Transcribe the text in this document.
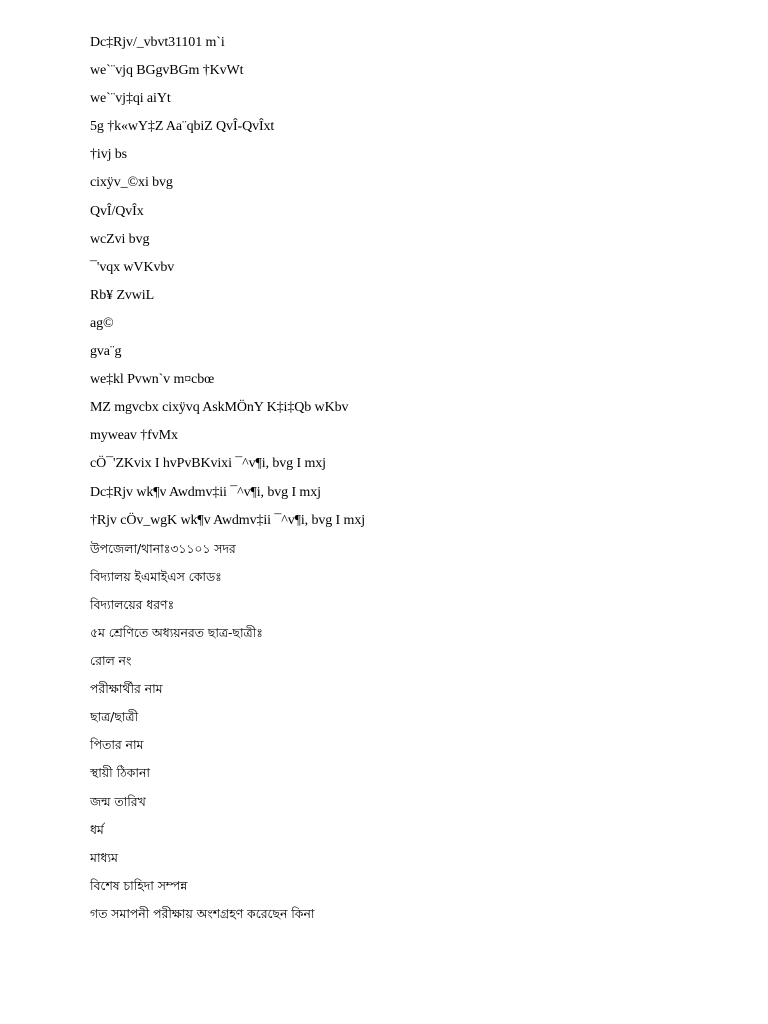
Dc‡Rjv/_vbvt31101 m`i
we`¨vjq BGgvBGm †KvWt
we`¨vj‡qi aiYt
5g †k«wY‡Z Aa¨qbiZ QvÎ-QvÎxt
†ivj bs
cixÿv_©xi bvg
QvÎ/QvÎx
wcZvi bvg
¯'vqx wVKvbv
Rb¥ ZvwiL
ag©
gva¨g
we‡kl Pvwn`v m¤cbœ
MZ mgvcbx cixÿvq AskMÖnY K‡i‡Qb wKbv
myweav †fvMx
cÖ¯'ZKvix I hvPvBKvixi ¯^v¶i, bvg I mxj
Dc‡Rjv wk¶v Awdmv‡ii ¯^v¶i, bvg I mxj
†Rjv cÖv_wgK wk¶v Awdmv‡ii ¯^v¶i, bvg I mxj
উপজেলা/থানাঃ৩১১০১ সদর
বিদ্যালয় ইএমাইএস কোডঃ
বিদ্যালয়ের ধরণঃ
৫ম শ্রেণিতে অধ্যয়নরত ছাত্র-ছাত্রীঃ
রোল নং
পরীক্ষার্থীর নাম
ছাত্র/ছাত্রী
পিতার নাম
স্থায়ী ঠিকানা
জন্ম তারিখ
ধর্ম
মাধ্যম
বিশেষ চাহিদা সম্পন্ন
গত সমাপনী পরীক্ষায় অংশগ্রহণ করেছেন কিনা
